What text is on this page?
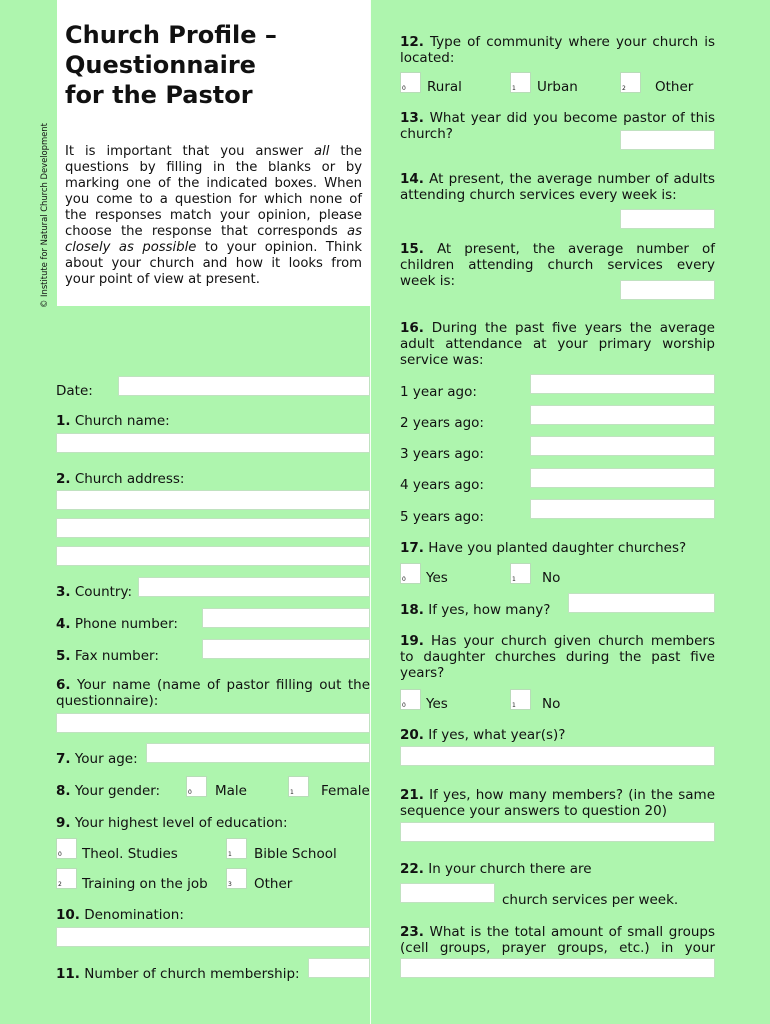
Church Profile –
Questionnaire
for the Pastor
It is important that you answer all the questions by filling in the blanks or by marking one of the indicated boxes. When you come to a question for which none of the responses match your opinion, please choose the response that corresponds as closely as possible to your opinion. Think about your church and how it looks from your point of view at present.
© Institute for Natural Church Development
Date:
1. Church name:
2. Church address:
3. Country:
4. Phone number:
5. Fax number:
6. Your name (name of pastor filling out the questionnaire):
7. Your age:
8. Your gender:	0 Male	1 Female
9. Your highest level of education:
0 Theol. Studies	1 Bible School
2 Training on the job	3 Other
10. Denomination:
11. Number of church membership:
12. Type of community where your church is located:
0 Rural	1 Urban	2 Other
13. What year did you become pastor of this church?
14. At present, the average number of adults attending church services every week is:
15. At present, the average number of children attending church services every week is:
16. During the past five years the average adult attendance at your primary worship service was:
1 year ago:
2 years ago:
3 years ago:
4 years ago:
5 years ago:
17. Have you planted daughter churches?
0 Yes	1 No
18. If yes, how many?
19. Has your church given church members to daughter churches during the past five years?
0 Yes	1 No
20. If yes, what year(s)?
21. If yes, how many members? (in the same sequence your answers to question 20)
22. In your church there are
church services per week.
23. What is the total amount of small groups (cell groups, prayer groups, etc.) in your
